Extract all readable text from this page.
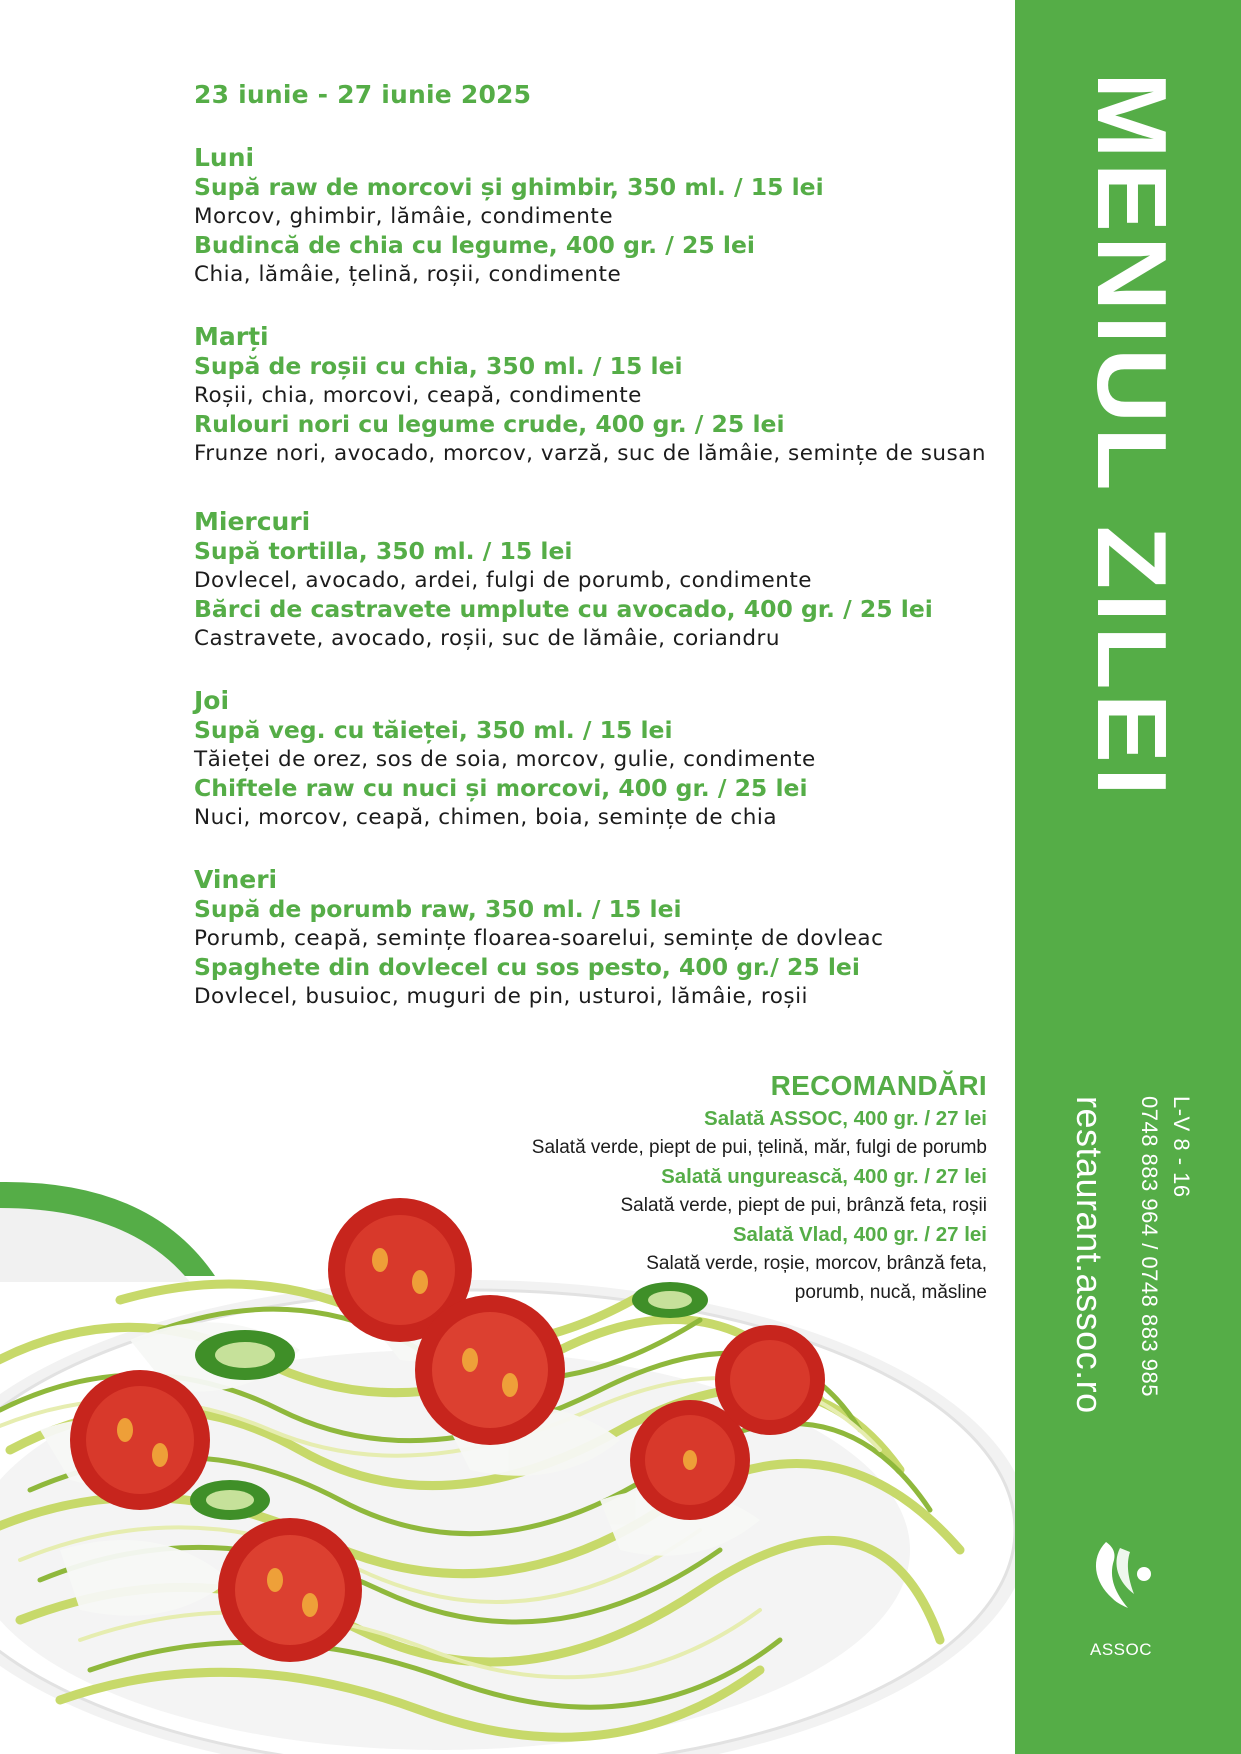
23 iunie - 27 iunie 2025
Luni
Supă raw de morcovi și ghimbir, 350 ml. / 15 lei
Morcov, ghimbir, lămâie, condimente
Budincă de chia cu legume, 400 gr. / 25 lei
Chia, lămâie, țelină, roșii, condimente
Marți
Supă de roșii cu chia, 350 ml. / 15 lei
Roșii, chia, morcovi, ceapă, condimente
Rulouri nori cu legume crude, 400 gr. / 25 lei
Frunze nori, avocado, morcov, varză, suc de lămâie, semințe de susan
Miercuri
Supă tortilla, 350 ml. / 15 lei
Dovlecel, avocado, ardei, fulgi de porumb, condimente
Bărci de castravete umplute cu avocado, 400 gr. / 25 lei
Castravete, avocado, roșii, suc de lămâie, coriandru
Joi
Supă veg. cu tăieței, 350 ml. / 15 lei
Tăieței de orez, sos de soia, morcov, gulie, condimente
Chiftele raw cu nuci și morcovi, 400 gr. / 25 lei
Nuci, morcov, ceapă, chimen, boia, semințe de chia
Vineri
Supă de porumb raw, 350 ml. / 15 lei
Porumb, ceapă, semințe floarea-soarelui, semințe de dovleac
Spaghete din dovlecel cu sos pesto, 400 gr./ 25 lei
Dovlecel, busuioc, muguri de pin, usturoi, lămâie, roșii
RECOMANDĂRI
Salată ASSOC, 400 gr. / 27 lei
Salată verde, piept de pui, țelină, măr, fulgi de porumb
Salată ungurească, 400 gr. / 27 lei
Salată verde, piept de pui, brânză feta, roșii
Salată Vlad, 400 gr. / 27 lei
Salată verde, roșie, morcov, brânză feta,
porumb, nucă, măsline
MENIUL ZILEI
L-V 8 - 16
0748 883 964 / 0748 883 985
restaurant.assoc.ro
ASSOC
